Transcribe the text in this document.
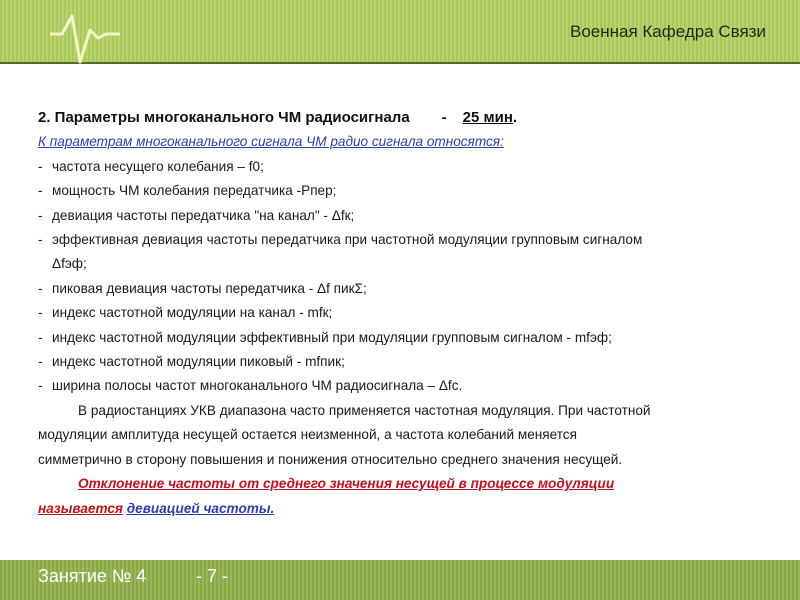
Военная Кафедра Связи
2. Параметры многоканального ЧМ радиосигнала - 25 мин.
К параметрам многоканального сигнала ЧМ радио сигнала относятся:
- частота несущего колебания – f0;
- мощность ЧМ колебания передатчика -Рпер;
- девиация частоты передатчика "на канал" - Δfк;
- эффективная девиация частоты передатчика при частотной модуляции групповым сигналом
Δfэф;
- пиковая девиация частоты передатчика - Δf пикΣ;
- индекс частотной модуляции на канал - mfк;
- индекс частотной модуляции эффективный при модуляции групповым сигналом - mfэф;
- индекс частотной модуляции пиковый - mfпик;
- ширина полосы частот многоканального ЧМ радиосигнала – Δfc.
В радиостанциях УКВ диапазона часто применяется частотная модуляция. При частотной
модуляции амплитуда несущей остается неизменной, а частота колебаний меняется
симметрично в сторону повышения и понижения относительно среднего значения несущей.
Отклонение частоты от среднего значения несущей в процессе модуляции
называется девиацией частоты.
Занятие № 4	- 7 -
